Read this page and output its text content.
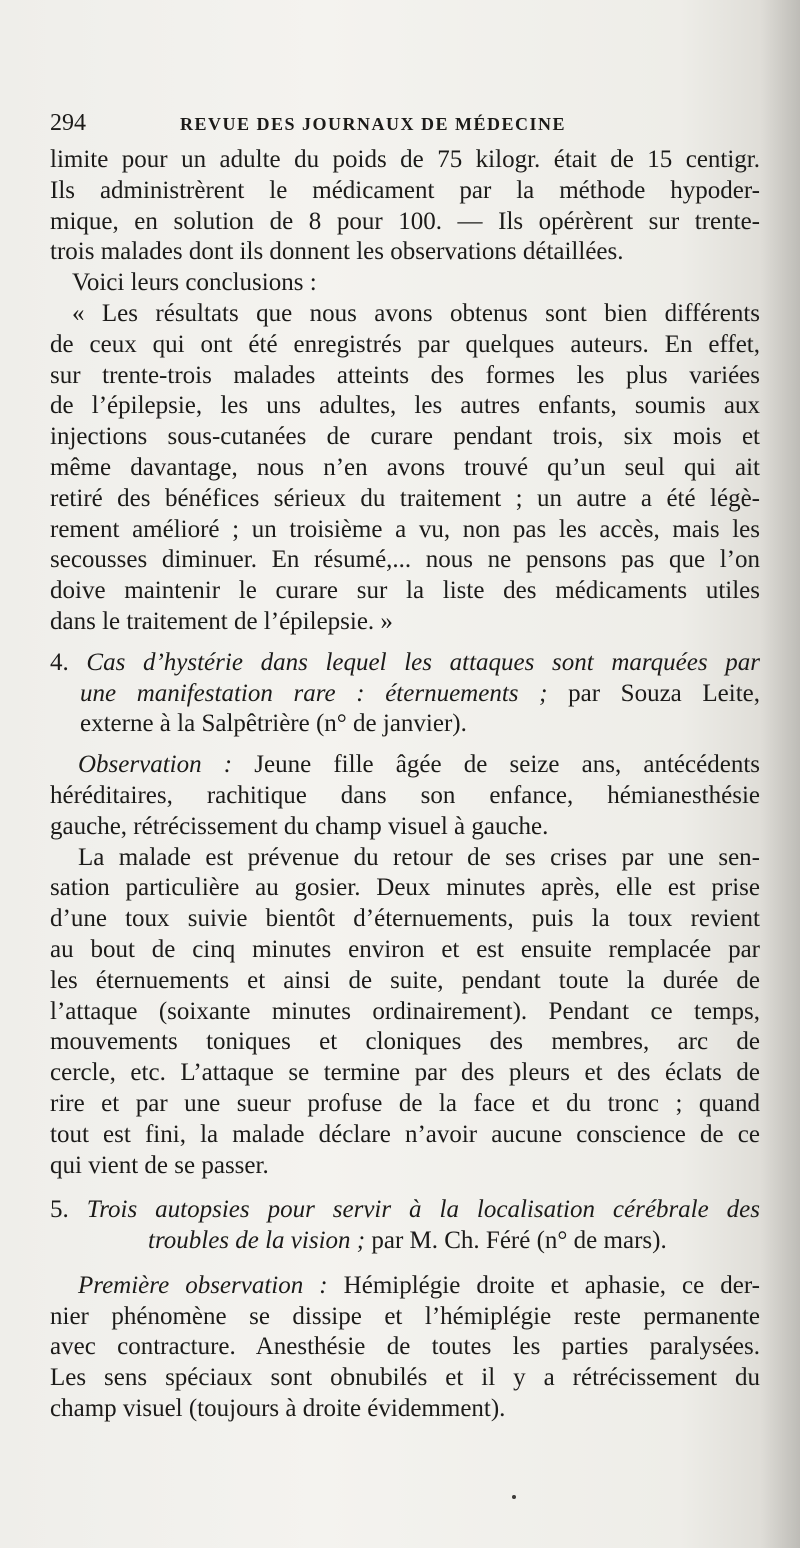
294	REVUE DES JOURNAUX DE MÉDECINE
limite pour un adulte du poids de 75 kilogr. était de 15 centigr.
Ils administrèrent le médicament par la méthode hypoder-
mique, en solution de 8 pour 100. — Ils opérèrent sur trente-
trois malades dont ils donnent les observations détaillées.
Voici leurs conclusions :
« Les résultats que nous avons obtenus sont bien différents
de ceux qui ont été enregistrés par quelques auteurs. En effet,
sur trente-trois malades atteints des formes les plus variées
de l’épilepsie, les uns adultes, les autres enfants, soumis aux
injections sous-cutanées de curare pendant trois, six mois et
même davantage, nous n’en avons trouvé qu’un seul qui ait
retiré des bénéfices sérieux du traitement ; un autre a été légè-
rement amélioré ; un troisième a vu, non pas les accès, mais les
secousses diminuer. En résumé,... nous ne pensons pas que l’on
doive maintenir le curare sur la liste des médicaments utiles
dans le traitement de l’épilepsie. »
4. Cas d’hystérie dans lequel les attaques sont marquées par
une manifestation rare : éternuements ; par Souza Leite,
externe à la Salpêtrière (n° de janvier).
Observation : Jeune fille âgée de seize ans, antécédents
héréditaires, rachitique dans son enfance, hémianesthésie
gauche, rétrécissement du champ visuel à gauche.
La malade est prévenue du retour de ses crises par une sen-
sation particulière au gosier. Deux minutes après, elle est prise
d’une toux suivie bientôt d’éternuements, puis la toux revient
au bout de cinq minutes environ et est ensuite remplacée par
les éternuements et ainsi de suite, pendant toute la durée de
l’attaque (soixante minutes ordinairement). Pendant ce temps,
mouvements toniques et cloniques des membres, arc de
cercle, etc. L’attaque se termine par des pleurs et des éclats de
rire et par une sueur profuse de la face et du tronc ; quand
tout est fini, la malade déclare n’avoir aucune conscience de ce
qui vient de se passer.
5. Trois autopsies pour servir à la localisation cérébrale des
troubles de la vision ; par M. Ch. Féré (n° de mars).
Première observation : Hémiplégie droite et aphasie, ce der-
nier phénomène se dissipe et l’hémiplégie reste permanente
avec contracture. Anesthésie de toutes les parties paralysées.
Les sens spéciaux sont obnubilés et il y a rétrécissement du
champ visuel (toujours à droite évidemment).
